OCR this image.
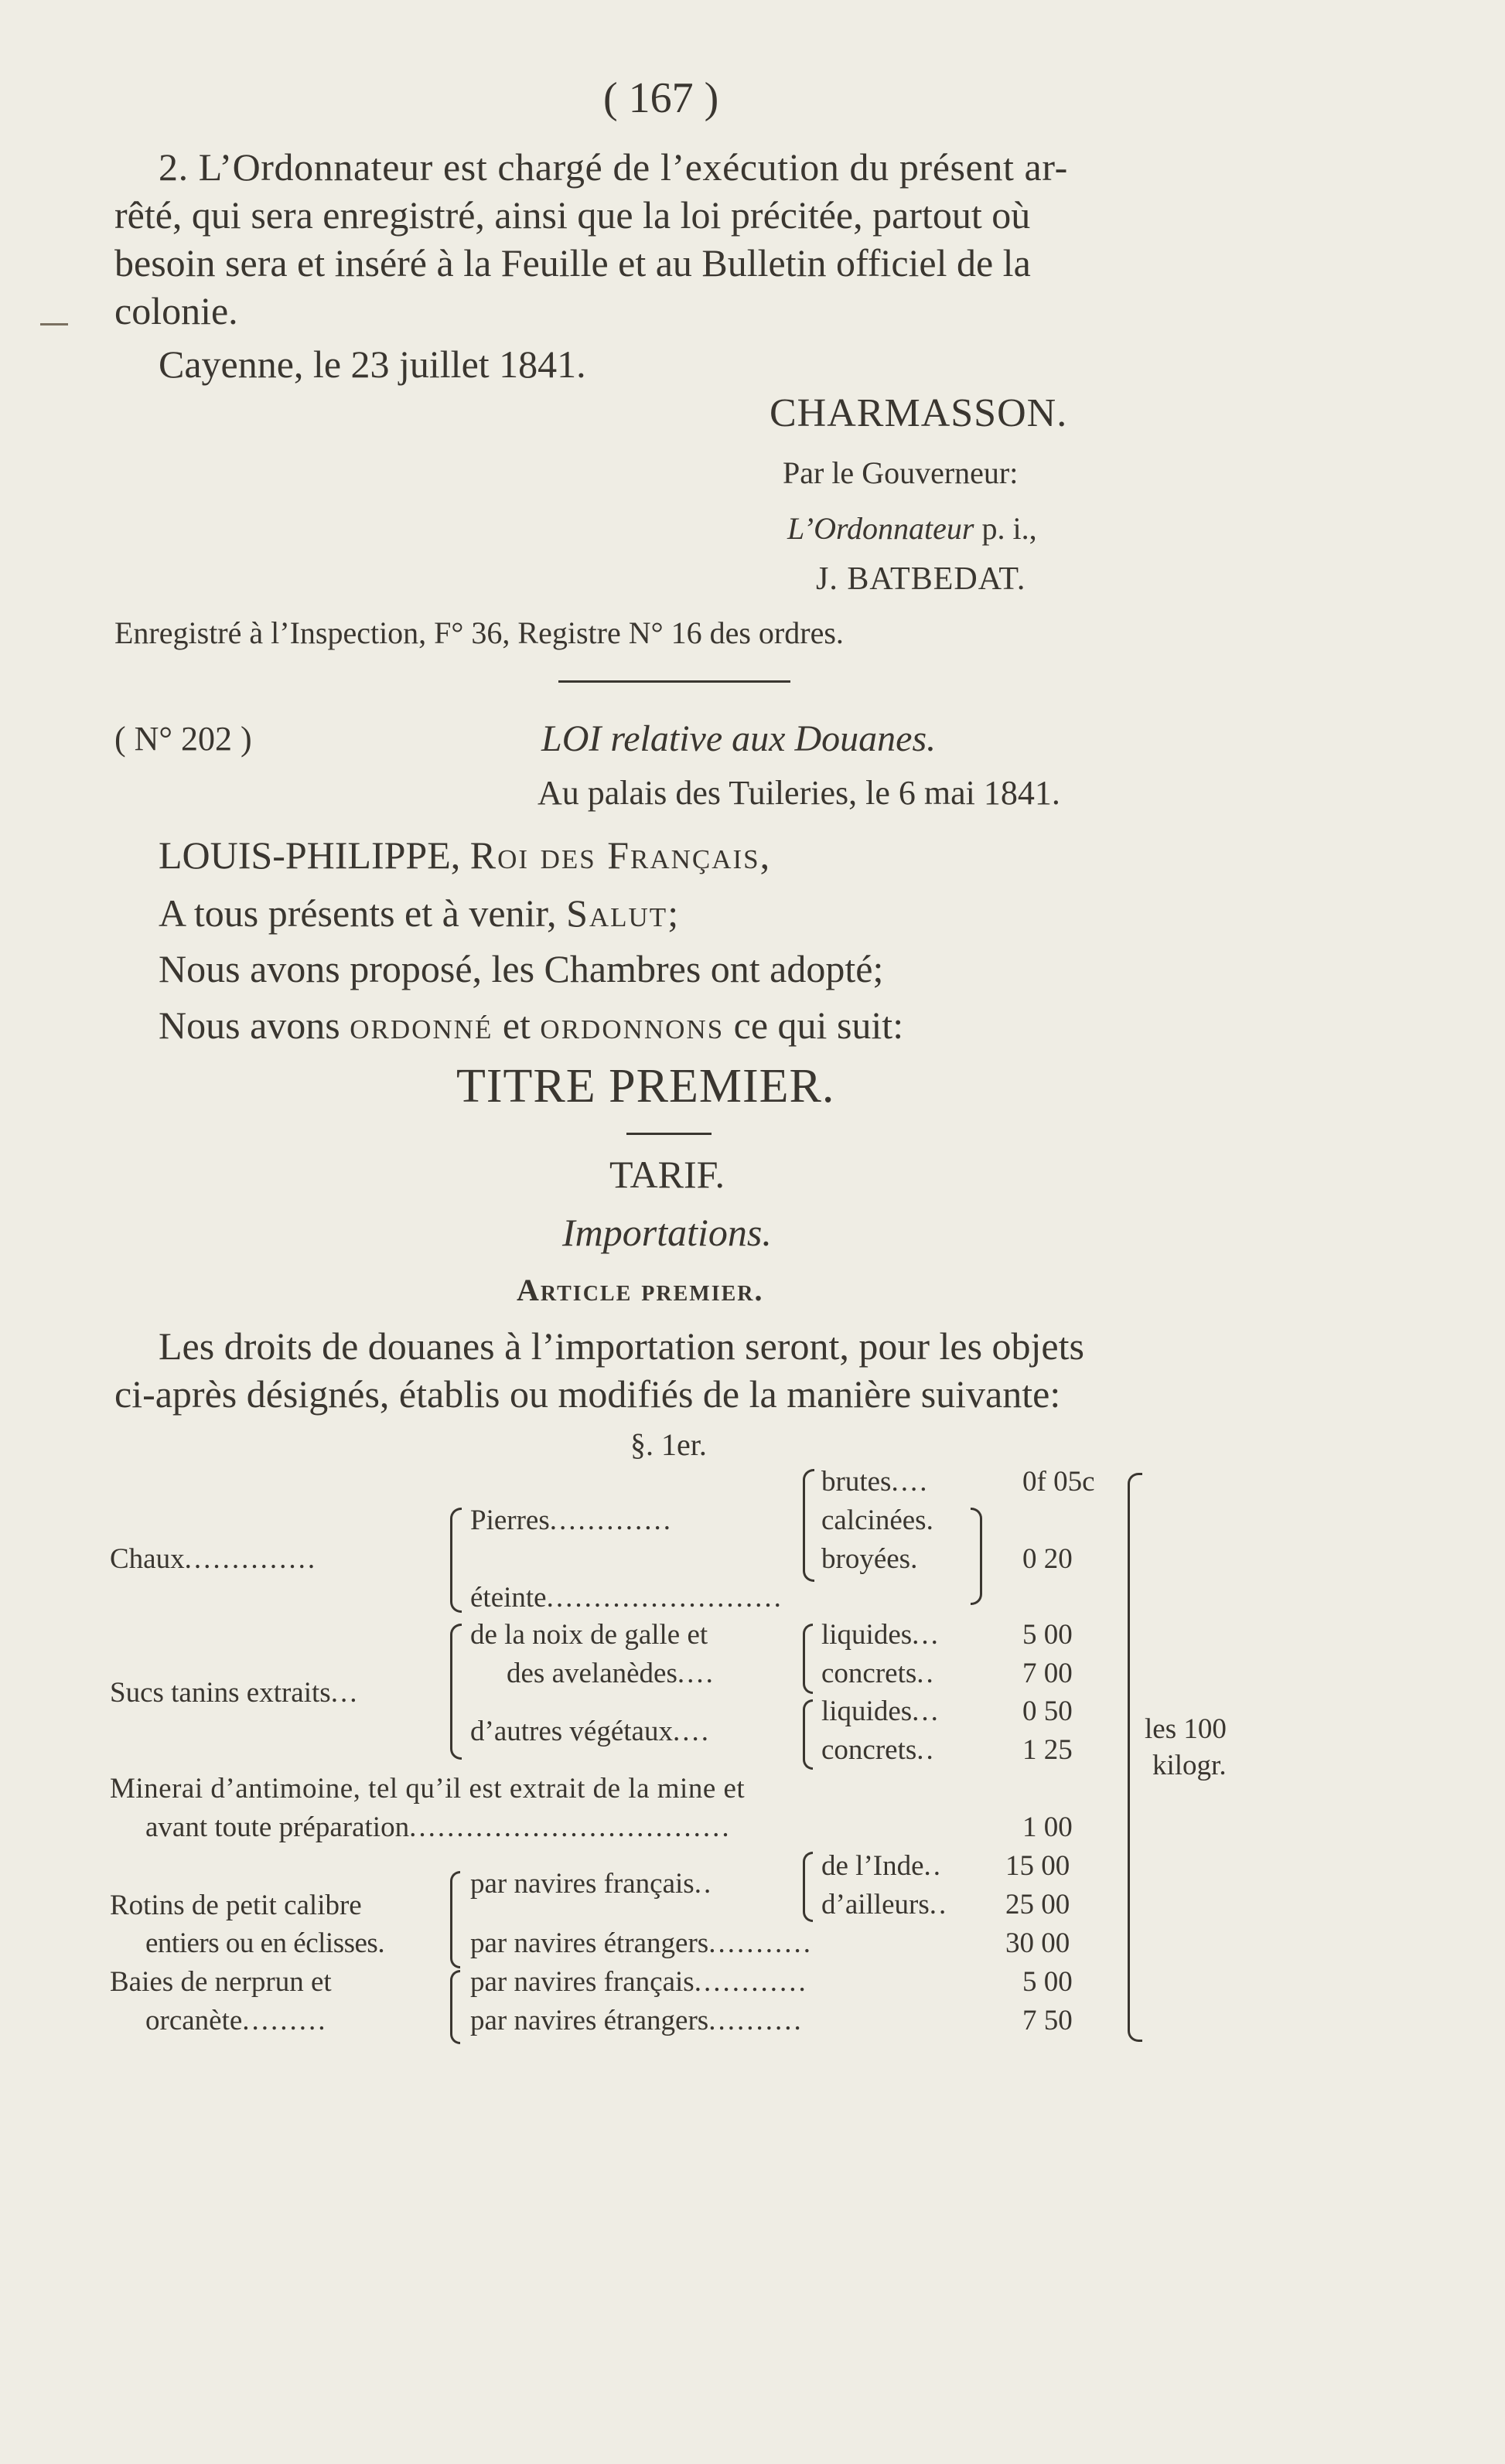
( 167 )
2. L’Ordonnateur est chargé de l’exécution du présent ar-
rêté, qui sera enregistré, ainsi que la loi précitée, partout où
besoin sera et inséré à la Feuille et au Bulletin officiel de la
colonie.
Cayenne, le 23 juillet 1841.
CHARMASSON.
Par le Gouverneur:
L’Ordonnateur p. i.,
J. BATBEDAT.
Enregistré à l’Inspection, F° 36, Registre N° 16 des ordres.
( N° 202 )	LOI relative aux Douanes.
Au palais des Tuileries, le 6 mai 1841.
LOUIS-PHILIPPE, Roi des Français,
A tous présents et à venir, Salut;
Nous avons proposé, les Chambres ont adopté;
Nous avons ordonné et ordonnons ce qui suit:
TITRE PREMIER.
TARIF.
Importations.
Article premier.
Les droits de douanes à l’importation seront, pour les objets
ci-après désignés, établis ou modifiés de la manière suivante:
§. 1er.
Chaux..............
Pierres.............
brutes....
calcinées.
broyées.
éteinte.........................
0f 05c
0 20
Sucs tanins extraits...
de la noix de galle et
des avelanèdes....
liquides...
concrets..
d’autres végétaux....
liquides...
concrets..
5 00
7 00
0 50
1 25
les 100
kilogr.
Minerai d’antimoine, tel qu’il est extrait de la mine et
avant toute préparation..................................	1 00
Rotins de petit calibre
entiers ou en éclisses.
par navires français..
de l’Inde..
d’ailleurs..
par navires étrangers...........
15 00
25 00
30 00
Baies de nerprun et
orcanète.........
par navires français............
par navires étrangers..........
5 00
7 50
